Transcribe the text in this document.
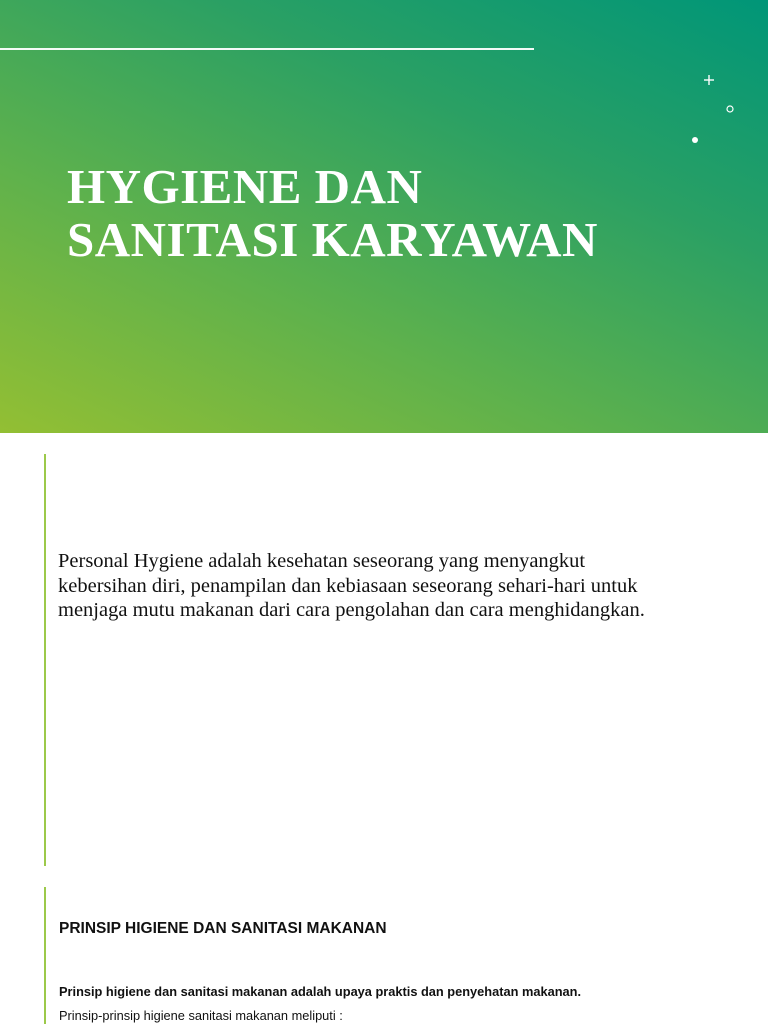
HYGIENE DAN
SANITASI KARYAWAN

Personal Hygiene adalah kesehatan seseorang yang menyangkut
kebersihan diri, penampilan dan kebiasaan seseorang sehari-hari untuk
menjaga mutu makanan dari cara pengolahan dan cara menghidangkan.

PRINSIP HIGIENE DAN SANITASI MAKANAN

Prinsip higiene dan sanitasi makanan adalah upaya praktis dan penyehatan makanan.

Prinsip-prinsip higiene sanitasi makanan meliputi :
